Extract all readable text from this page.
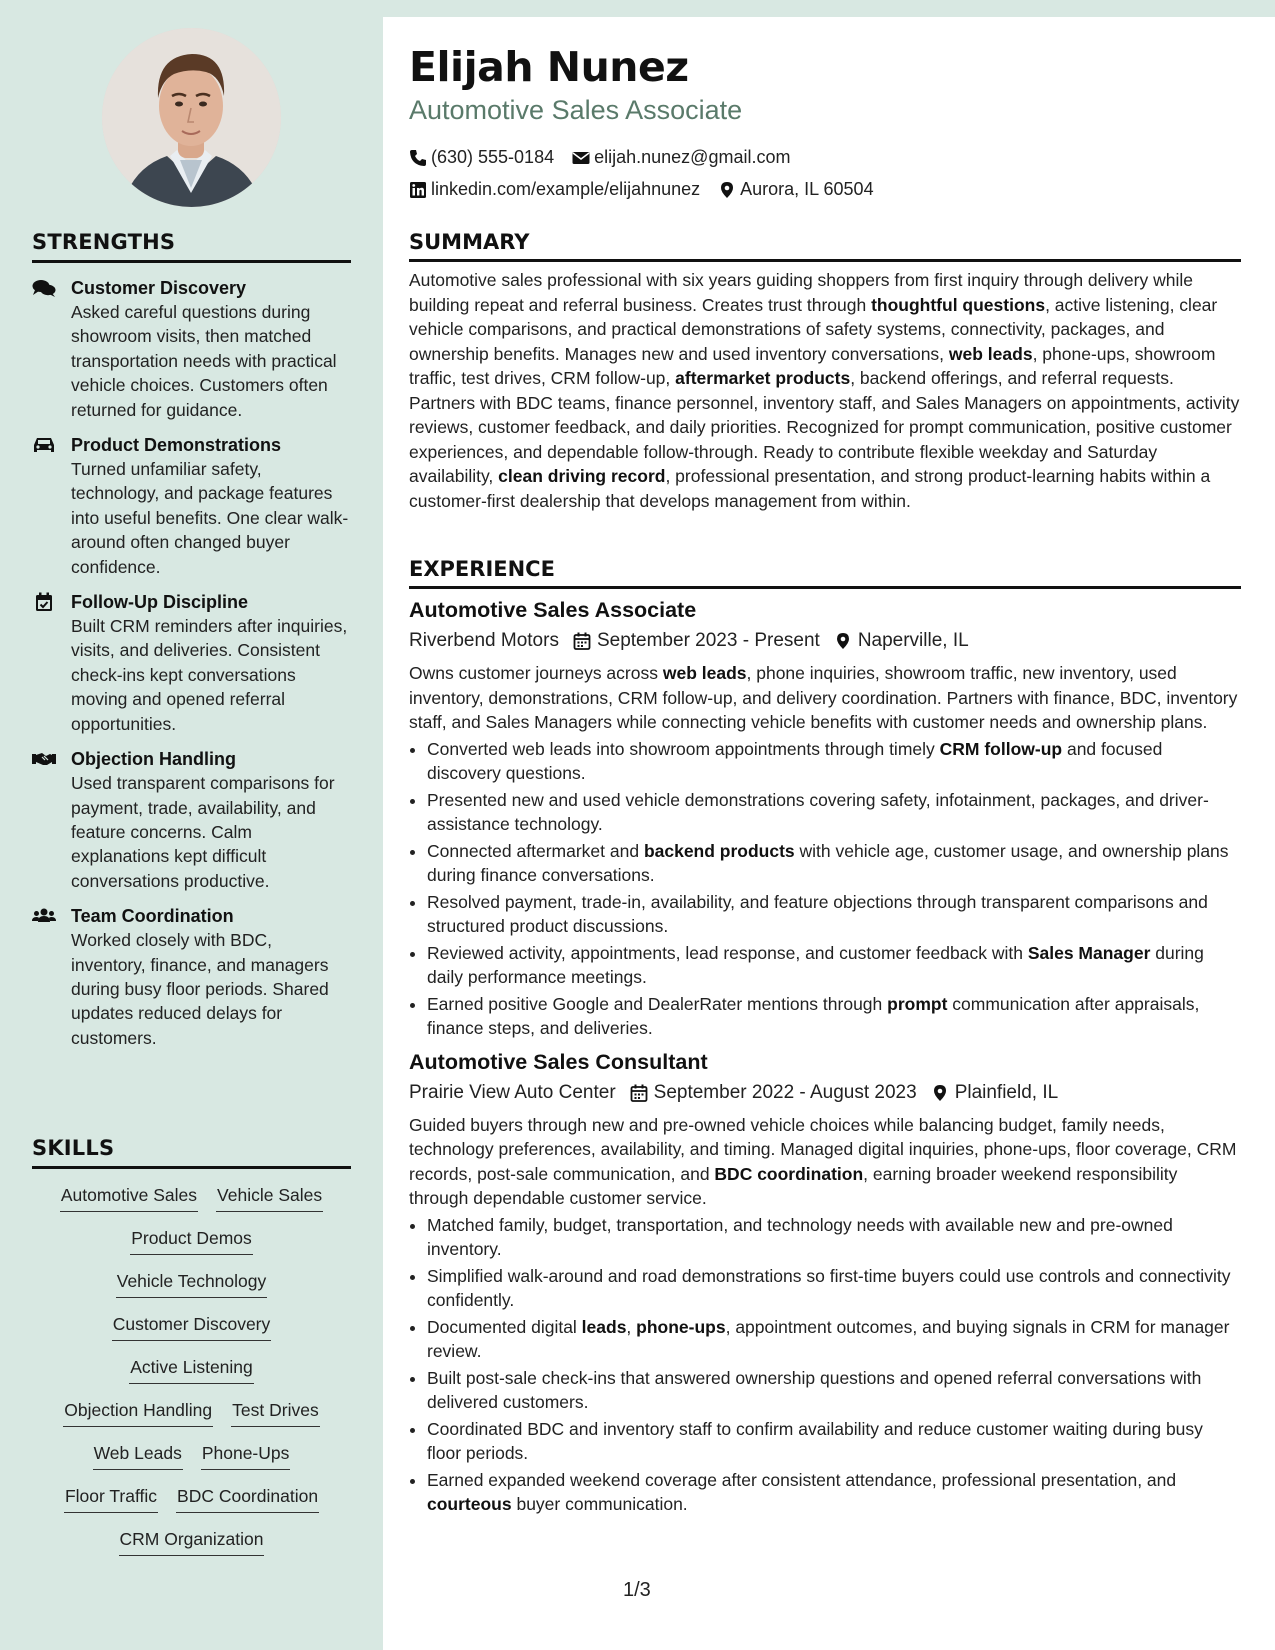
STRENGTHS
Customer Discovery
Asked careful questions during showroom visits, then matched transportation needs with practical vehicle choices. Customers often returned for guidance.
Product Demonstrations
Turned unfamiliar safety, technology, and package features into useful benefits. One clear walk-around often changed buyer confidence.
Follow-Up Discipline
Built CRM reminders after inquiries, visits, and deliveries. Consistent check-ins kept conversations moving and opened referral opportunities.
Objection Handling
Used transparent comparisons for payment, trade, availability, and feature concerns. Calm explanations kept difficult conversations productive.
Team Coordination
Worked closely with BDC, inventory, finance, and managers during busy floor periods. Shared updates reduced delays for customers.
SKILLS
Automotive Sales Vehicle Sales
Product Demos
Vehicle Technology
Customer Discovery
Active Listening
Objection Handling Test Drives
Web Leads Phone-Ups
Floor Traffic BDC Coordination
CRM Organization
Elijah Nunez
Automotive Sales Associate
(630) 555-0184 elijah.nunez@gmail.com
linkedin.com/example/elijahnunez Aurora, IL 60504
SUMMARY

Automotive sales professional with six years guiding shoppers from first inquiry through delivery while building repeat and referral business. Creates trust through thoughtful questions, active listening, clear vehicle comparisons, and practical demonstrations of safety systems, connectivity, packages, and ownership benefits. Manages new and used inventory conversations, web leads, phone-ups, showroom traffic, test drives, CRM follow-up, aftermarket products, backend offerings, and referral requests. Partners with BDC teams, finance personnel, inventory staff, and Sales Managers on appointments, activity reviews, customer feedback, and daily priorities. Recognized for prompt communication, positive customer experiences, and dependable follow-through. Ready to contribute flexible weekday and Saturday availability, clean driving record, professional presentation, and strong product-learning habits within a customer-first dealership that develops management from within.

EXPERIENCE
Automotive Sales Associate
Riverbend Motors September 2023 - Present Naperville, IL

Owns customer journeys across web leads, phone inquiries, showroom traffic, new inventory, used inventory, demonstrations, CRM follow-up, and delivery coordination. Partners with finance, BDC, inventory staff, and Sales Managers while connecting vehicle benefits with customer needs and ownership plans.

• Converted web leads into showroom appointments through timely CRM follow-up and focused discovery questions.
• Presented new and used vehicle demonstrations covering safety, infotainment, packages, and driver-assistance technology.
• Connected aftermarket and backend products with vehicle age, customer usage, and ownership plans during finance conversations.
• Resolved payment, trade-in, availability, and feature objections through transparent comparisons and structured product discussions.
• Reviewed activity, appointments, lead response, and customer feedback with Sales Manager during daily performance meetings.
• Earned positive Google and DealerRater mentions through prompt communication after appraisals, finance steps, and deliveries.
Automotive Sales Consultant
Prairie View Auto Center September 2022 - August 2023 Plainfield, IL

Guided buyers through new and pre-owned vehicle choices while balancing budget, family needs, technology preferences, availability, and timing. Managed digital inquiries, phone-ups, floor coverage, CRM records, post-sale communication, and BDC coordination, earning broader weekend responsibility through dependable customer service.

• Matched family, budget, transportation, and technology needs with available new and pre-owned inventory.
• Simplified walk-around and road demonstrations so first-time buyers could use controls and connectivity confidently.
• Documented digital leads, phone-ups, appointment outcomes, and buying signals in CRM for manager review.
• Built post-sale check-ins that answered ownership questions and opened referral conversations with delivered customers.
• Coordinated BDC and inventory staff to confirm availability and reduce customer waiting during busy floor periods.
• Earned expanded weekend coverage after consistent attendance, professional presentation, and courteous buyer communication.
1/3
